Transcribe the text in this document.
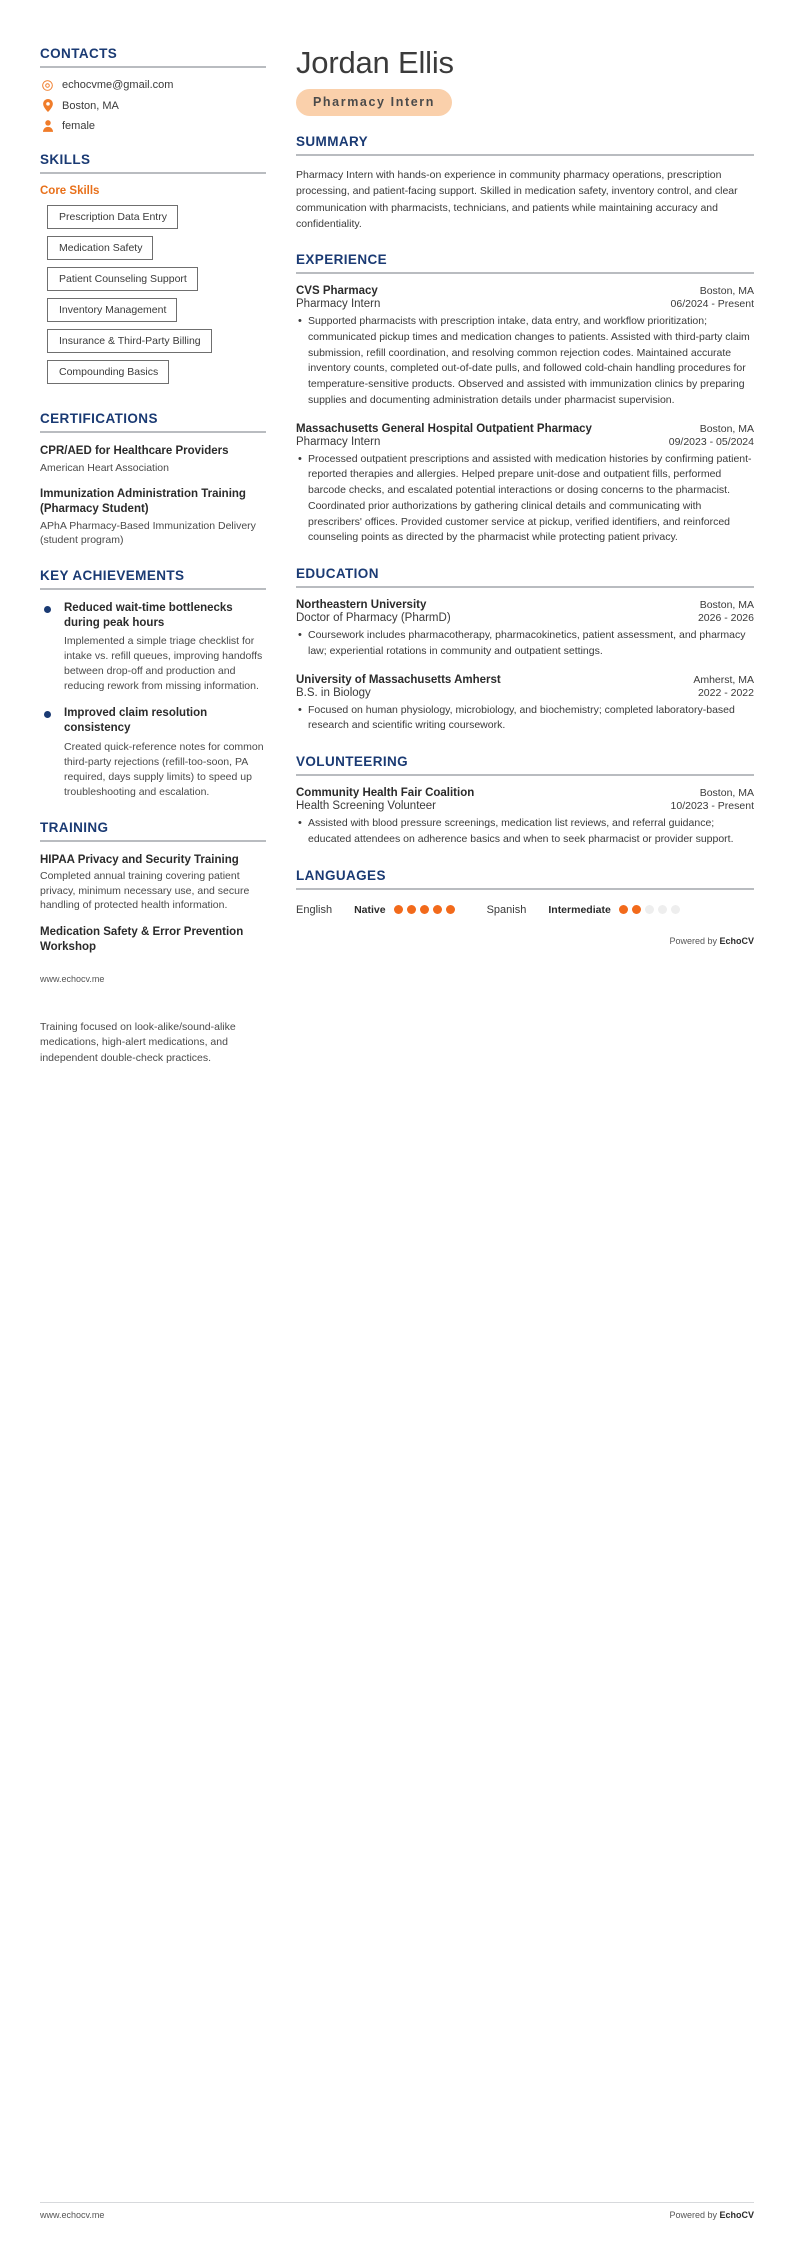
CONTACTS
echocvme@gmail.com
Boston, MA
female
SKILLS
Core Skills
Prescription Data Entry
Medication Safety
Patient Counseling Support
Inventory Management
Insurance & Third-Party Billing
Compounding Basics
CERTIFICATIONS
CPR/AED for Healthcare Providers
American Heart Association
Immunization Administration Training (Pharmacy Student)
APhA Pharmacy-Based Immunization Delivery (student program)
KEY ACHIEVEMENTS
Reduced wait-time bottlenecks during peak hours
Implemented a simple triage checklist for intake vs. refill queues, improving handoffs between drop-off and production and reducing rework from missing information.
Improved claim resolution consistency
Created quick-reference notes for common third-party rejections (refill-too-soon, PA required, days supply limits) to speed up troubleshooting and escalation.
TRAINING
HIPAA Privacy and Security Training
Completed annual training covering patient privacy, minimum necessary use, and secure handling of protected health information.
Medication Safety & Error Prevention Workshop
www.echocv.me
Training focused on look-alike/sound-alike medications, high-alert medications, and independent double-check practices.
Jordan Ellis
Pharmacy Intern
SUMMARY
Pharmacy Intern with hands-on experience in community pharmacy operations, prescription processing, and patient-facing support. Skilled in medication safety, inventory control, and clear communication with pharmacists, technicians, and patients while maintaining accuracy and confidentiality.
EXPERIENCE
CVS Pharmacy	Boston, MA
Pharmacy Intern	06/2024 - Present
• Supported pharmacists with prescription intake, data entry, and workflow prioritization; communicated pickup times and medication changes to patients. Assisted with third-party claim submission, refill coordination, and resolving common rejection codes. Maintained accurate inventory counts, completed out-of-date pulls, and followed cold-chain handling procedures for temperature-sensitive products. Observed and assisted with immunization clinics by preparing supplies and documenting administration details under pharmacist supervision.
Massachusetts General Hospital Outpatient Pharmacy	Boston, MA
Pharmacy Intern	09/2023 - 05/2024
• Processed outpatient prescriptions and assisted with medication histories by confirming patient-reported therapies and allergies. Helped prepare unit-dose and outpatient fills, performed barcode checks, and escalated potential interactions or dosing concerns to the pharmacist. Coordinated prior authorizations by gathering clinical details and communicating with prescribers' offices. Provided customer service at pickup, verified identifiers, and reinforced counseling points as directed by the pharmacist while protecting patient privacy.
EDUCATION
Northeastern University	Boston, MA
Doctor of Pharmacy (PharmD)	2026 - 2026
• Coursework includes pharmacotherapy, pharmacokinetics, patient assessment, and pharmacy law; experiential rotations in community and outpatient settings.
University of Massachusetts Amherst	Amherst, MA
B.S. in Biology	2022 - 2022
• Focused on human physiology, microbiology, and biochemistry; completed laboratory-based research and scientific writing coursework.
VOLUNTEERING
Community Health Fair Coalition	Boston, MA
Health Screening Volunteer	10/2023 - Present
• Assisted with blood pressure screenings, medication list reviews, and referral guidance; educated attendees on adherence basics and when to seek pharmacist or provider support.
LANGUAGES
English Native	Spanish Intermediate
Powered by EchoCV
www.echocv.me	Powered by EchoCV
